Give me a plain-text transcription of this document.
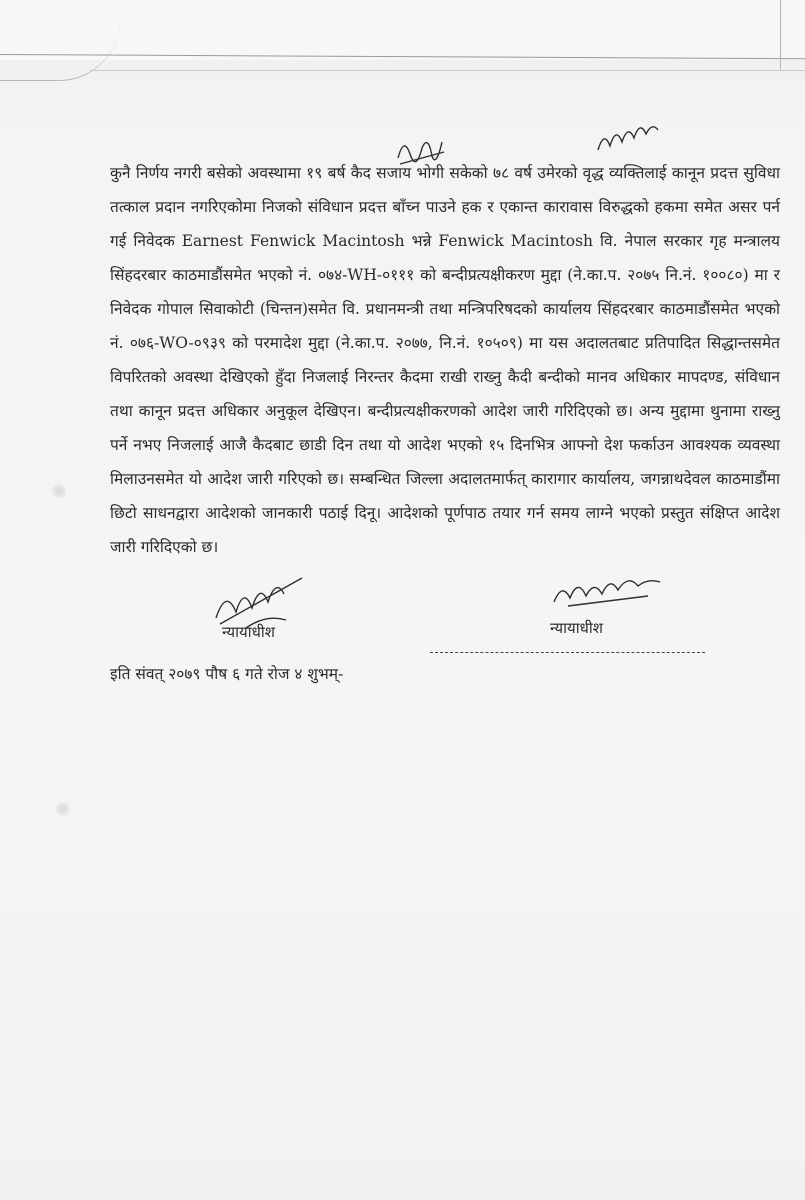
कुनै निर्णय नगरी बसेको अवस्थामा १९ बर्ष कैद सजाय भोगी सकेको ७८ वर्ष उमेरको वृद्ध व्यक्तिलाई कानून प्रदत्त सुविधा तत्काल प्रदान नगरिएकोमा निजको संविधान प्रदत्त बाँच्न पाउने हक र एकान्त कारावास विरुद्धको हकमा समेत असर पर्न गई निवेदक Earnest Fenwick Macintosh भन्ने Fenwick Macintosh वि. नेपाल सरकार गृह मन्त्रालय सिंहदरबार काठमाडौंसमेत भएको नं. ०७४-WH-०१११ को बन्दीप्रत्यक्षीकरण मुद्दा (ने.का.प. २०७५ नि.नं. १००८०) मा र निवेदक गोपाल सिवाकोटी (चिन्तन)समेत वि. प्रधानमन्त्री तथा मन्त्रिपरिषदको कार्यालय सिंहदरबार काठमाडौंसमेत भएको नं. ०७६-WO-०९३९ को परमादेश मुद्दा (ने.का.प. २०७७, नि.नं. १०५०९) मा यस अदालतबाट प्रतिपादित सिद्धान्तसमेत विपरितको अवस्था देखिएको हुँदा निजलाई निरन्तर कैदमा राखी राख्नु कैदी बन्दीको मानव अधिकार मापदण्ड, संविधान तथा कानून प्रदत्त अधिकार अनुकूल देखिएन। बन्दीप्रत्यक्षीकरणको आदेश जारी गरिदिएको छ। अन्य मुद्दामा थुनामा राख्नु पर्ने नभए निजलाई आजै कैदबाट छाडी दिन तथा यो आदेश भएको १५ दिनभित्र आफ्नो देश फर्काउन आवश्यक व्यवस्था मिलाउनसमेत यो आदेश जारी गरिएको छ। सम्बन्धित जिल्ला अदालतमार्फत् कारागार कार्यालय, जगन्नाथदेवल काठमाडौंमा छिटो साधनद्वारा आदेशको जानकारी पठाई दिनू। आदेशको पूर्णपाठ तयार गर्न समय लाग्ने भएको प्रस्तुत संक्षिप्त आदेश जारी गरिदिएको छ।

न्यायाधीश	न्यायाधीश
इति संवत् २०७९ पौष ६ गते रोज ४ शुभम्-
